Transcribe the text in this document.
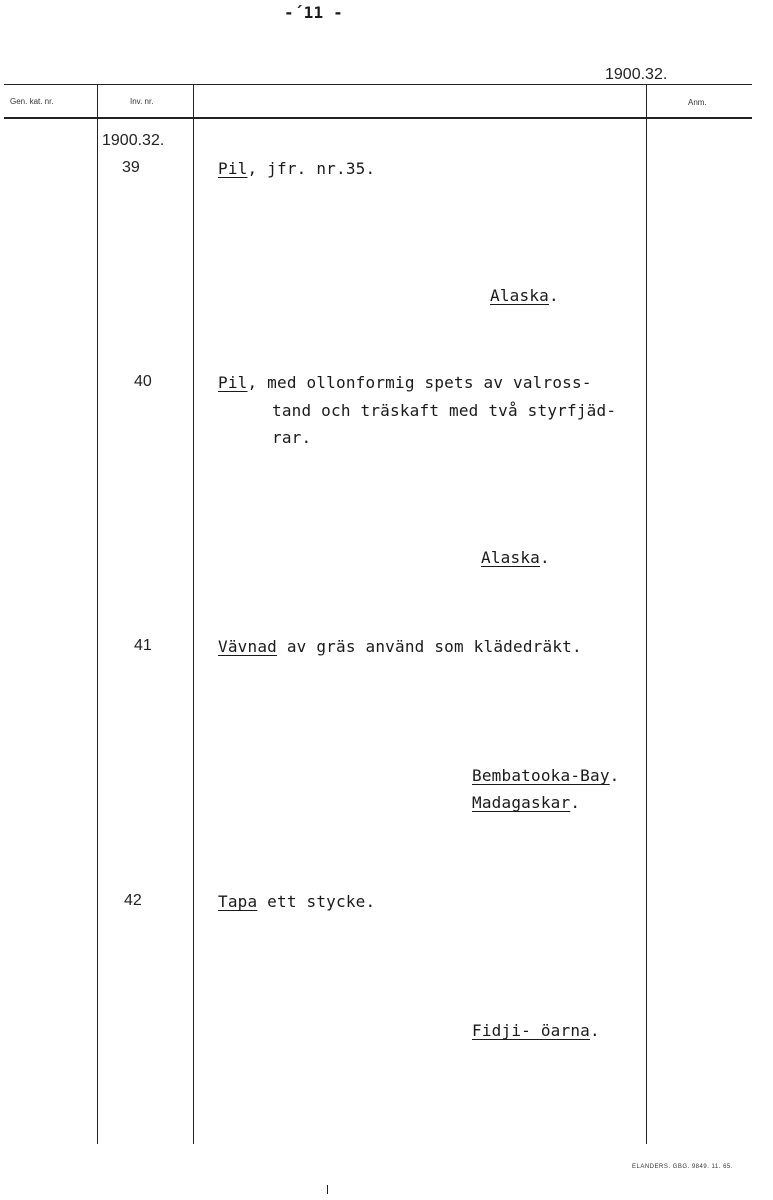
-´11 -
1900.32.
Gen. kat. nr.	Inv. nr.	Anm.
1900.32.
39	Pil, jfr. nr.35.
Alaska.
40	Pil, med ollonformig spets av valross-
tand och träskaft med två styrfjäd-
rar.
Alaska.
41	Vävnad av gräs använd som klädedräkt.
Bembatooka-Bay.
Madagaskar.
42	Tapa ett stycke.
Fidji- öarna.
ELANDERS. GBG. 9849. 11. 65.
